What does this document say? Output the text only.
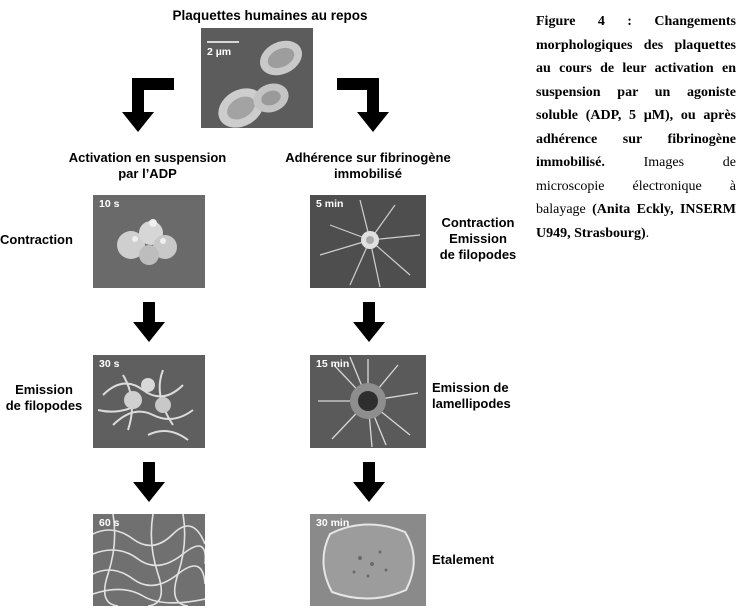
Plaquettes humaines au repos
2 µm
Activation en suspension
par l’ADP
Adhérence sur fibrinogène
immobilisé
10 s
Contraction
30 s
Emission
de filopodes
60 s
5 min
Contraction
Emission
de filopodes
15 min
Emission de
lamellipodes
30 min
Etalement
Figure 4 : Changements morphologiques des plaquettes au cours de leur activation en suspension par un agoniste soluble (ADP, 5 µM), ou après adhérence sur fibrinogène immobilisé. Images de microscopie électronique à balayage (Anita Eckly, INSERM U949, Strasbourg).
